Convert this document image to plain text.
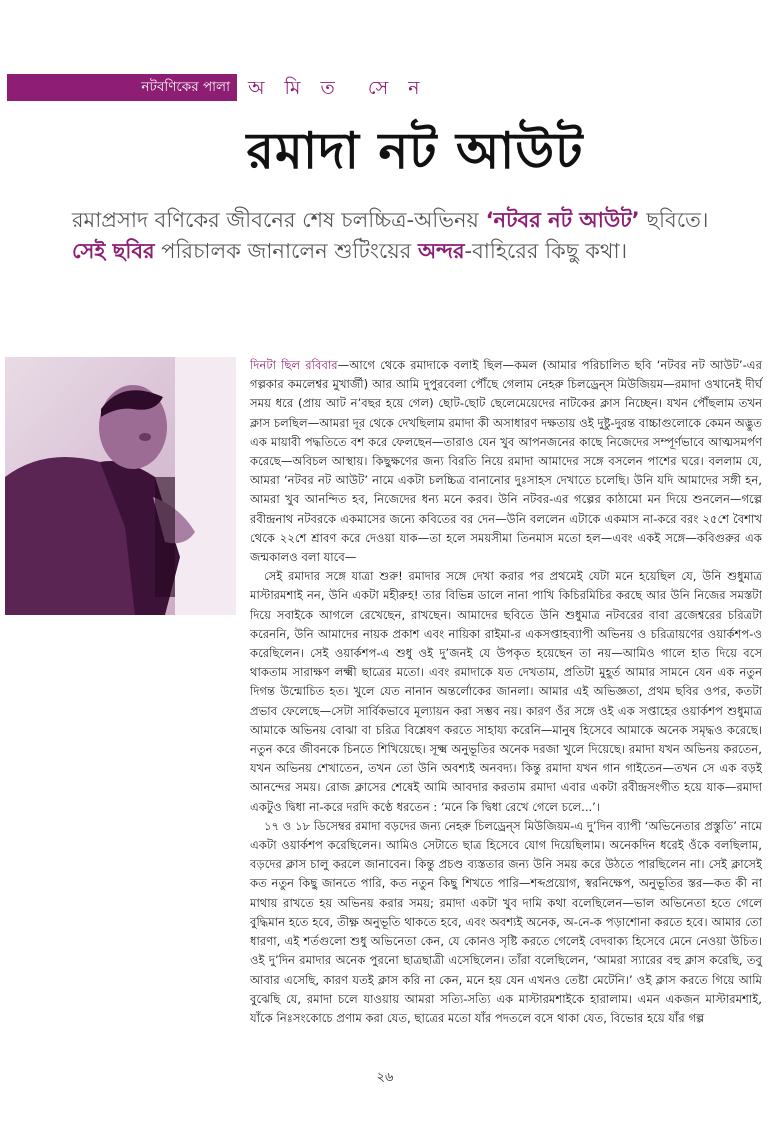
নটবণিকের পালা অ মি ত সে ন
রমাদা নট আউট
রমাপ্রসাদ বণিকের জীবনের শেষ চলচ্চিত্র-অভিনয় ‘নটবর নট আউট’ ছবিতে। সেই ছবির পরিচালক জানালেন শুটিংয়ের অন্দর-বাহিরের কিছু কথা।

দিনটা ছিল রবিবার—আগে থেকে রমাদাকে বলাই ছিল—কমল (আমার পরিচালিত ছবি ‘নটবর নট আউট’-এর গল্পকার কমলেশ্বর মুখার্জী) আর আমি দুপুরবেলা পৌঁছে গেলাম নেহরু চিলড্রেন্‌স মিউজিয়ম—রমাদা ওখানেই দীর্ঘ সময় ধরে (প্রায় আট ন’বছর হয়ে গেল) ছোট-ছোট ছেলেমেয়েদের নাটকের ক্লাস নিচ্ছেন। যখন পৌঁছলাম তখন ক্লাস চলছিল—আমরা দূর থেকে দেখছিলাম রমাদা কী অসাধারণ দক্ষতায় ওই দুষ্টু-দুরন্ত বাচ্চাগুলোকে কেমন অদ্ভুত এক মায়াবী পদ্ধতিতে বশ করে ফেলছেন—তারাও যেন খুব আপনজনের কাছে নিজেদের সম্পূর্ণভাবে আত্মসমর্পণ করেছে—অবিচল আস্থায়। কিছুক্ষণের জন্য বিরতি নিয়ে রমাদা আমাদের সঙ্গে বসলেন পাশের ঘরে। বললাম যে, আমরা ‘নটবর নট আউট’ নামে একটা চলচ্চিত্র বানানোর দুঃসাহস দেখাতে চলেছি। উনি যদি আমাদের সঙ্গী হন, আমরা খুব আনন্দিত হব, নিজেদের ধন্য মনে করব। উনি নটবর-এর গল্পের কাঠামো মন দিয়ে শুনলেন—গল্পে রবীন্দ্রনাথ নটবরকে একমাসের জন্যে কবিতের বর দেন—উনি বললেন এটাকে একমাস না-করে বরং ২৫শে বৈশাখ থেকে ২২শে শ্রাবণ করে দেওয়া যাক—তা হলে সময়সীমা তিনমাস মতো হল—এবং একই সঙ্গে—কবিগুরুর এক জন্মকালও বলা যাবে—

সেই রমাদার সঙ্গে যাত্রা শুরু! রমাদার সঙ্গে দেখা করার পর প্রথমেই যেটা মনে হয়েছিল যে, উনি শুধুমাত্র মাস্টারমশাই নন, উনি একটা মহীরুহ! তার বিভিন্ন ডালে নানা পাখি কিচিরমিচির করছে আর উনি নিজের সমস্তটা দিয়ে সবাইকে আগলে রেখেছেন, রাখছেন। আমাদের ছবিতে উনি শুধুমাত্র নটবরের বাবা ব্রজেশ্বরের চরিত্রটা করেননি, উনি আমাদের নায়ক প্রকাশ এবং নায়িকা রাইমা-র একসপ্তাহব্যাপী অভিনয় ও চরিত্রায়ণের ওয়ার্কশপ-ও করেছিলেন। সেই ওয়ার্কশপ-এ শুধু ওই দু’জনই যে উপকৃত হয়েছেন তা নয়—আমিও গালে হাত দিয়ে বসে থাকতাম সারাক্ষণ লক্ষ্মী ছাত্রের মতো। এবং রমাদাকে যত দেখতাম, প্রতিটা মুহূর্ত আমার সামনে যেন এক নতুন দিগন্ত উন্মোচিত হত। খুলে যেত নানান অন্তর্লোকের জানলা। আমার এই অভিজ্ঞতা, প্রথম ছবির ওপর, কতটা প্রভাব ফেলেছে—সেটা সার্বিকভাবে মূল্যায়ন করা সম্ভব নয়। কারণ ওঁর সঙ্গে ওই এক সপ্তাহের ওয়ার্কশপ শুধুমাত্র আমাকে অভিনয় বোঝা বা চরিত্র বিশ্লেষণ করতে সাহায্য করেনি—মানুষ হিসেবে আমাকে অনেক সমৃদ্ধও করেছে। নতুন করে জীবনকে চিনতে শিখিয়েছে। সূক্ষ্ম অনুভূতির অনেক দরজা খুলে দিয়েছে। রমাদা যখন অভিনয় করতেন, যখন অভিনয় শেখাতেন, তখন তো উনি অবশ্যই অনবদ্য। কিন্তু রমাদা যখন গান গাইতেন—তখন সে এক বড়ই আনন্দের সময়। রোজ ক্লাসের শেষেই আমি আবদার করতাম রমাদা এবার একটা রবীন্দ্রসংগীত হয়ে যাক—রমাদা একটুও দ্বিধা না-করে দরদি কণ্ঠে ধরতেন : ‘মনে কি দ্বিধা রেখে গেলে চলে...’।

১৭ ও ১৮ ডিসেম্বর রমাদা বড়দের জন্য নেহরু চিলড্রেন্‌স মিউজিয়ম-এ দু’দিন ব্যাপী ‘অভিনেতার প্রস্তুতি’ নামে একটা ওয়ার্কশপ করেছিলেন। আমিও সেটাতে ছাত্র হিসেবে যোগ দিয়েছিলাম। অনেকদিন ধরেই ওঁকে বলছিলাম, বড়দের ক্লাস চালু করলে জানাবেন। কিন্তু প্রচণ্ড ব্যস্ততার জন্য উনি সময় করে উঠতে পারছিলেন না। সেই ক্লাসেই কত নতুন কিছু জানতে পারি, কত নতুন কিছু শিখতে পারি—শব্দপ্রয়োগ, স্বরনিক্ষেপ, অনুভূতির স্তর—কত কী না মাথায় রাখতে হয় অভিনয় করার সময়; রমাদা একটা খুব দামি কথা বলেছিলেন—ভাল অভিনেতা হতে গেলে বুদ্ধিমান হতে হবে, তীক্ষ্ণ অনুভূতি থাকতে হবে, এবং অবশ্যই অনেক, অ-নে-ক পড়াশোনা করতে হবে। আমার তো ধারণা, এই শর্তগুলো শুধু অভিনেতা কেন, যে কোনও সৃষ্টি করতে গেলেই বেদবাক্য হিসেবে মেনে নেওয়া উচিত। ওই দু’দিন রমাদার অনেক পুরনো ছাত্রছাত্রী এসেছিলেন। তাঁরা বলেছিলেন, ‘আমরা স্যারের বহু ক্লাস করেছি, তবু আবার এসেছি, কারণ যতই ক্লাস করি না কেন, মনে হয় যেন এখনও তেষ্টা মেটেনি।’ ওই ক্লাস করতে গিয়ে আমি বুঝেছি যে, রমাদা চলে যাওয়ায় আমরা সত্যি-সত্যি এক মাস্টারমশাইকে হারালাম। এমন একজন মাস্টারমশাই, যাঁকে নিঃসংকোচে প্রণাম করা যেত, ছাত্রের মতো যাঁর পদতলে বসে থাকা যেত, বিভোর হয়ে যাঁর গল্প

২৬
